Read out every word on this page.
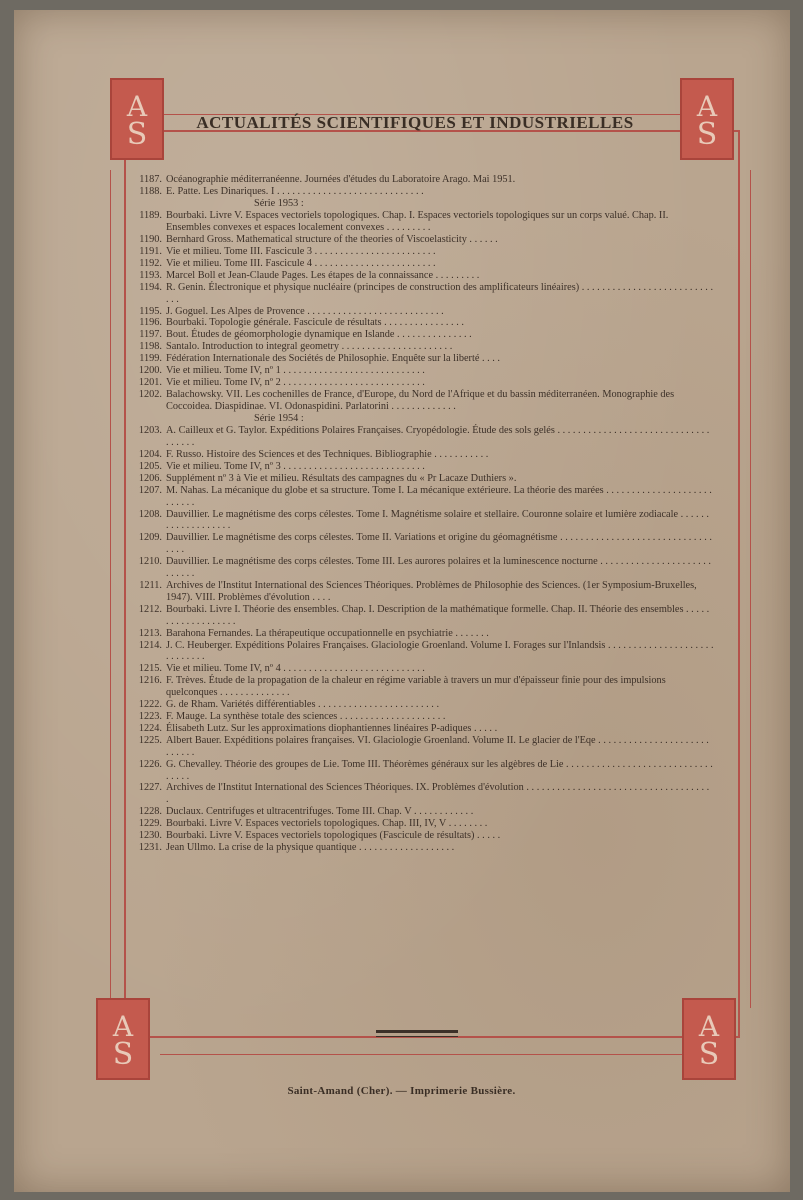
A
S
A
S
A
S
A
S
ACTUALITÉS SCIENTIFIQUES ET INDUSTRIELLES
1187. Océanographie méditerranéenne. Journées d'études du Laboratoire Arago. Mai 1951.
1188. E. Patte. Les Dinariques. I . . . . . . . . . . . . . . . . . . . . . . . . . . . . .
Série 1953 :
1189. Bourbaki. Livre V. Espaces vectoriels topologiques. Chap. I. Espaces vectoriels topologiques sur un corps valué. Chap. II. Ensembles convexes et espaces localement convexes . . . . . . . . .
1190. Bernhard Gross. Mathematical structure of the theories of Viscoelasticity . . . . . .
1191. Vie et milieu. Tome III. Fascicule 3 . . . . . . . . . . . . . . . . . . . . . . . .
1192. Vie et milieu. Tome III. Fascicule 4 . . . . . . . . . . . . . . . . . . . . . . . .
1193. Marcel Boll et Jean-Claude Pages. Les étapes de la connaissance . . . . . . . . .
1194. R. Genin. Électronique et physique nucléaire (principes de construction des amplificateurs linéaires) . . . . . . . . . . . . . . . . . . . . . . . . . . . . .
1195. J. Goguel. Les Alpes de Provence . . . . . . . . . . . . . . . . . . . . . . . . . . .
1196. Bourbaki. Topologie générale. Fascicule de résultats . . . . . . . . . . . . . . . .
1197. Bout. Études de géomorphologie dynamique en Islande . . . . . . . . . . . . . . .
1198. Santalo. Introduction to integral geometry . . . . . . . . . . . . . . . . . . . . . .
1199. Fédération Internationale des Sociétés de Philosophie. Enquête sur la liberté . . . .
1200. Vie et milieu. Tome IV, nº 1 . . . . . . . . . . . . . . . . . . . . . . . . . . . .
1201. Vie et milieu. Tome IV, nº 2 . . . . . . . . . . . . . . . . . . . . . . . . . . . .
1202. Balachowsky. VII. Les cochenilles de France, d'Europe, du Nord de l'Afrique et du bassin méditerranéen. Monographie des Coccoidea. Diaspidinae. VI. Odonaspidini. Parlatorini . . . . . . . . . . . . .
Série 1954 :
1203. A. Cailleux et G. Taylor. Expéditions Polaires Françaises. Cryopédologie. Étude des sols gelés . . . . . . . . . . . . . . . . . . . . . . . . . . . . . . . . . . . .
1204. F. Russo. Histoire des Sciences et des Techniques. Bibliographie . . . . . . . . . . .
1205. Vie et milieu. Tome IV, nº 3 . . . . . . . . . . . . . . . . . . . . . . . . . . . .
1206. Supplément nº 3 à Vie et milieu. Résultats des campagnes du « Pr Lacaze Duthiers ».
1207. M. Nahas. La mécanique du globe et sa structure. Tome I. La mécanique extérieure. La théorie des marées . . . . . . . . . . . . . . . . . . . . . . . . . . .
1208. Dauvillier. Le magnétisme des corps célestes. Tome I. Magnétisme solaire et stellaire. Couronne solaire et lumière zodiacale . . . . . . . . . . . . . . . . . . .
1209. Dauvillier. Le magnétisme des corps célestes. Tome II. Variations et origine du géomagnétisme . . . . . . . . . . . . . . . . . . . . . . . . . . . . . . . . . .
1210. Dauvillier. Le magnétisme des corps célestes. Tome III. Les aurores polaires et la luminescence nocturne . . . . . . . . . . . . . . . . . . . . . . . . . . . .
1211. Archives de l'Institut International des Sciences Théoriques. Problèmes de Philosophie des Sciences. (1er Symposium-Bruxelles, 1947). VIII. Problèmes d'évolution . . . .
1212. Bourbaki. Livre I. Théorie des ensembles. Chap. I. Description de la mathématique formelle. Chap. II. Théorie des ensembles . . . . . . . . . . . . . . . . . . .
1213. Barahona Fernandes. La thérapeutique occupationnelle en psychiatrie . . . . . . .
1214. J. C. Heuberger. Expéditions Polaires Françaises. Glaciologie Groenland. Volume I. Forages sur l'Inlandsis . . . . . . . . . . . . . . . . . . . . . . . . . . . . .
1215. Vie et milieu. Tome IV, nº 4 . . . . . . . . . . . . . . . . . . . . . . . . . . . .
1216. F. Trèves. Étude de la propagation de la chaleur en régime variable à travers un mur d'épaisseur finie pour des impulsions quelconques . . . . . . . . . . . . . .
1222. G. de Rham. Variétés différentiables . . . . . . . . . . . . . . . . . . . . . . . .
1223. F. Mauge. La synthèse totale des sciences . . . . . . . . . . . . . . . . . . . . .
1224. Élisabeth Lutz. Sur les approximations diophantiennes linéaires P-adiques . . . . .
1225. Albert Bauer. Expéditions polaires françaises. VI. Glaciologie Groenland. Volume II. Le glacier de l'Eqe . . . . . . . . . . . . . . . . . . . . . . . . . . . .
1226. G. Chevalley. Théorie des groupes de Lie. Tome III. Théorèmes généraux sur les algèbres de Lie . . . . . . . . . . . . . . . . . . . . . . . . . . . . . . . . . .
1227. Archives de l'Institut International des Sciences Théoriques. IX. Problèmes d'évolution . . . . . . . . . . . . . . . . . . . . . . . . . . . . . . . . . . . . .
1228. Duclaux. Centrifuges et ultracentrifuges. Tome III. Chap. V . . . . . . . . . . . .
1229. Bourbaki. Livre V. Espaces vectoriels topologiques. Chap. III, IV, V . . . . . . . .
1230. Bourbaki. Livre V. Espaces vectoriels topologiques (Fascicule de résultats) . . . . .
1231. Jean Ullmo. La crise de la physique quantique . . . . . . . . . . . . . . . . . . .
Saint-Amand (Cher). — Imprimerie Bussière.
